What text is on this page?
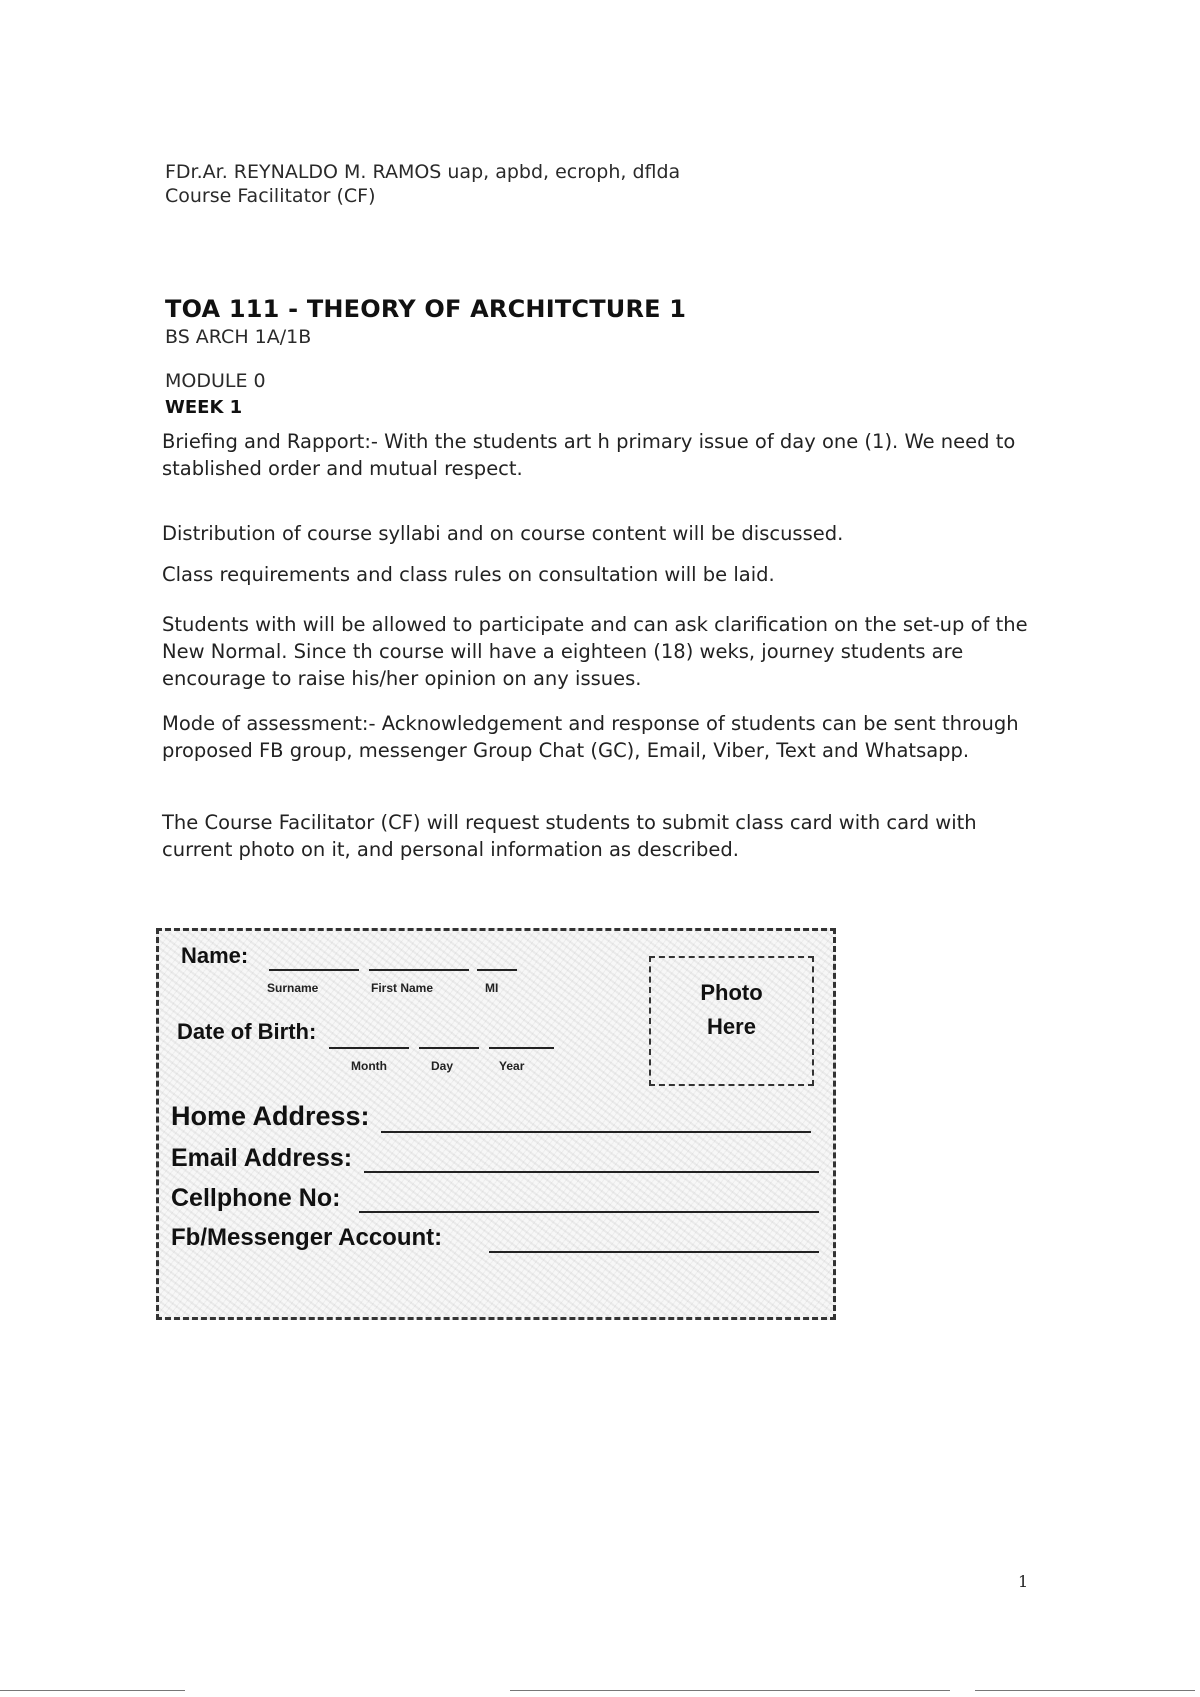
FDr.Ar. REYNALDO M. RAMOS uap, apbd, ecroph, dflda
Course Facilitator (CF)
TOA 111 - THEORY OF ARCHITCTURE 1
BS ARCH 1A/1B
MODULE 0
WEEK 1

Briefing and Rapport:- With the students art h primary issue of day one (1). We need to stablished order and mutual respect.

Distribution of course syllabi and on course content will be discussed.

Class requirements and class rules on consultation will be laid.

Students with will be allowed to participate and can ask clarification on the set-up of the New Normal. Since th course will have a eighteen (18) weks, journey students are encourage to raise his/her opinion on any issues.

Mode of assessment:- Acknowledgement and response of students can be sent through proposed FB group, messenger Group Chat (GC), Email, Viber, Text and Whatsapp.

The Course Facilitator (CF) will request students to submit class card with card with current photo on it, and personal information as described.

Name:
Surname	First Name	MI
Date of Birth:
Month	Day	Year
Photo
Here
Home Address:
Email Address:
Cellphone No:
Fb/Messenger Account:
1
